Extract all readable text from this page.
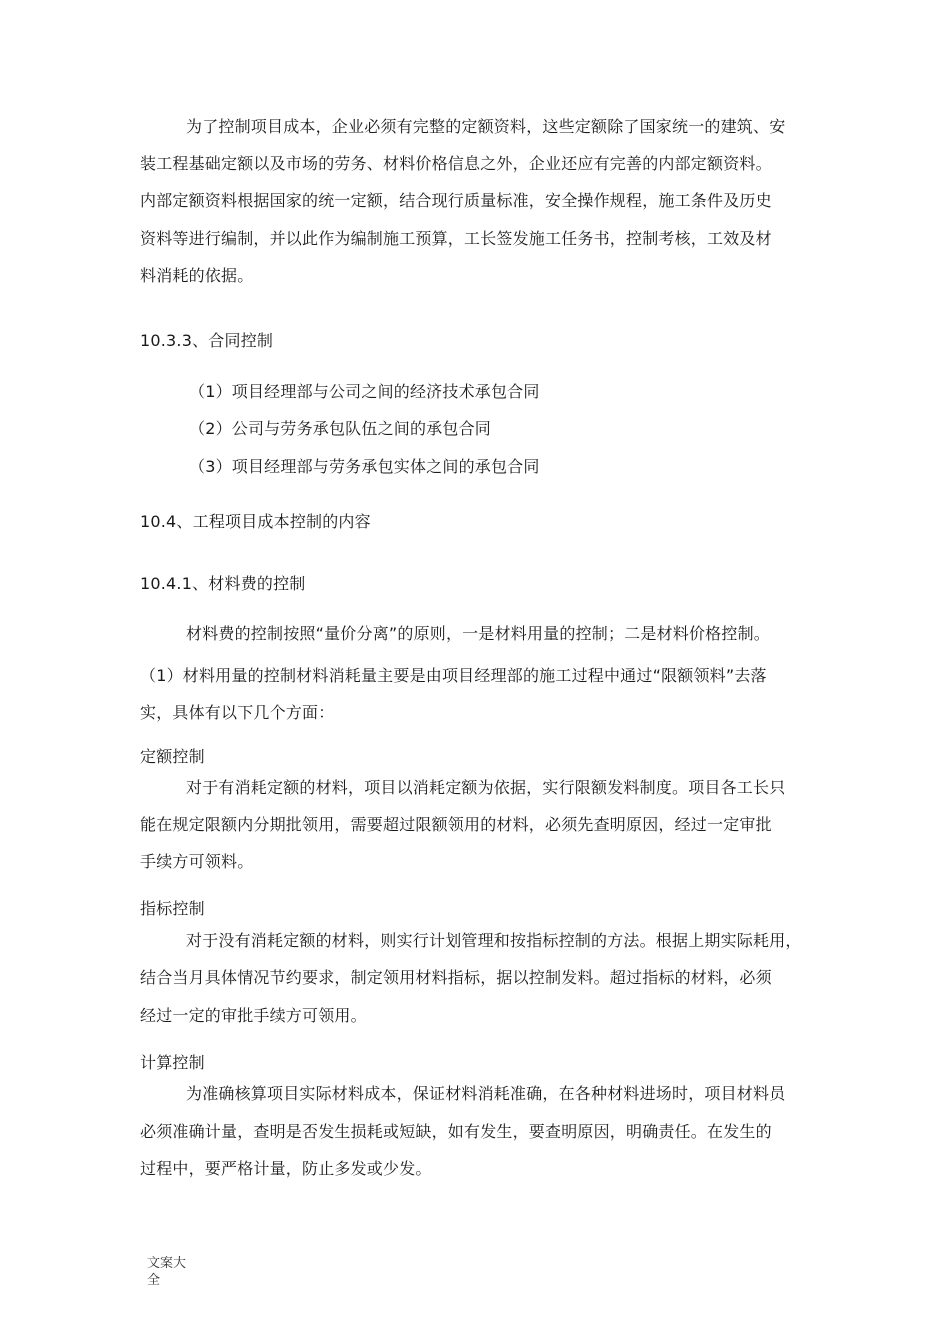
为了控制项目成本，企业必须有完整的定额资料，这些定额除了国家统一的建筑、安
装工程基础定额以及市场的劳务、材料价格信息之外，企业还应有完善的内部定额资料。
内部定额资料根据国家的统一定额，结合现行质量标准，安全操作规程，施工条件及历史
资料等进行编制，并以此作为编制施工预算，工长签发施工任务书，控制考核，工效及材
料消耗的依据。
10.3.3、合同控制
（1）项目经理部与公司之间的经济技术承包合同
（2）公司与劳务承包队伍之间的承包合同
（3）项目经理部与劳务承包实体之间的承包合同
10.4、工程项目成本控制的内容
10.4.1、材料费的控制
材料费的控制按照“量价分离”的原则，一是材料用量的控制；二是材料价格控制。
（1）材料用量的控制材料消耗量主要是由项目经理部的施工过程中通过“限额领料”去落
实，具体有以下几个方面：
定额控制
对于有消耗定额的材料，项目以消耗定额为依据，实行限额发料制度。项目各工长只
能在规定限额内分期批领用，需要超过限额领用的材料，必须先查明原因，经过一定审批
手续方可领料。
指标控制
对于没有消耗定额的材料，则实行计划管理和按指标控制的方法。根据上期实际耗用，
结合当月具体情况节约要求，制定领用材料指标，据以控制发料。超过指标的材料，必须
经过一定的审批手续方可领用。
计算控制
为准确核算项目实际材料成本，保证材料消耗准确，在各种材料进场时，项目材料员
必须准确计量，查明是否发生损耗或短缺，如有发生，要查明原因，明确责任。在发生的
过程中，要严格计量，防止多发或少发。
文案大全
